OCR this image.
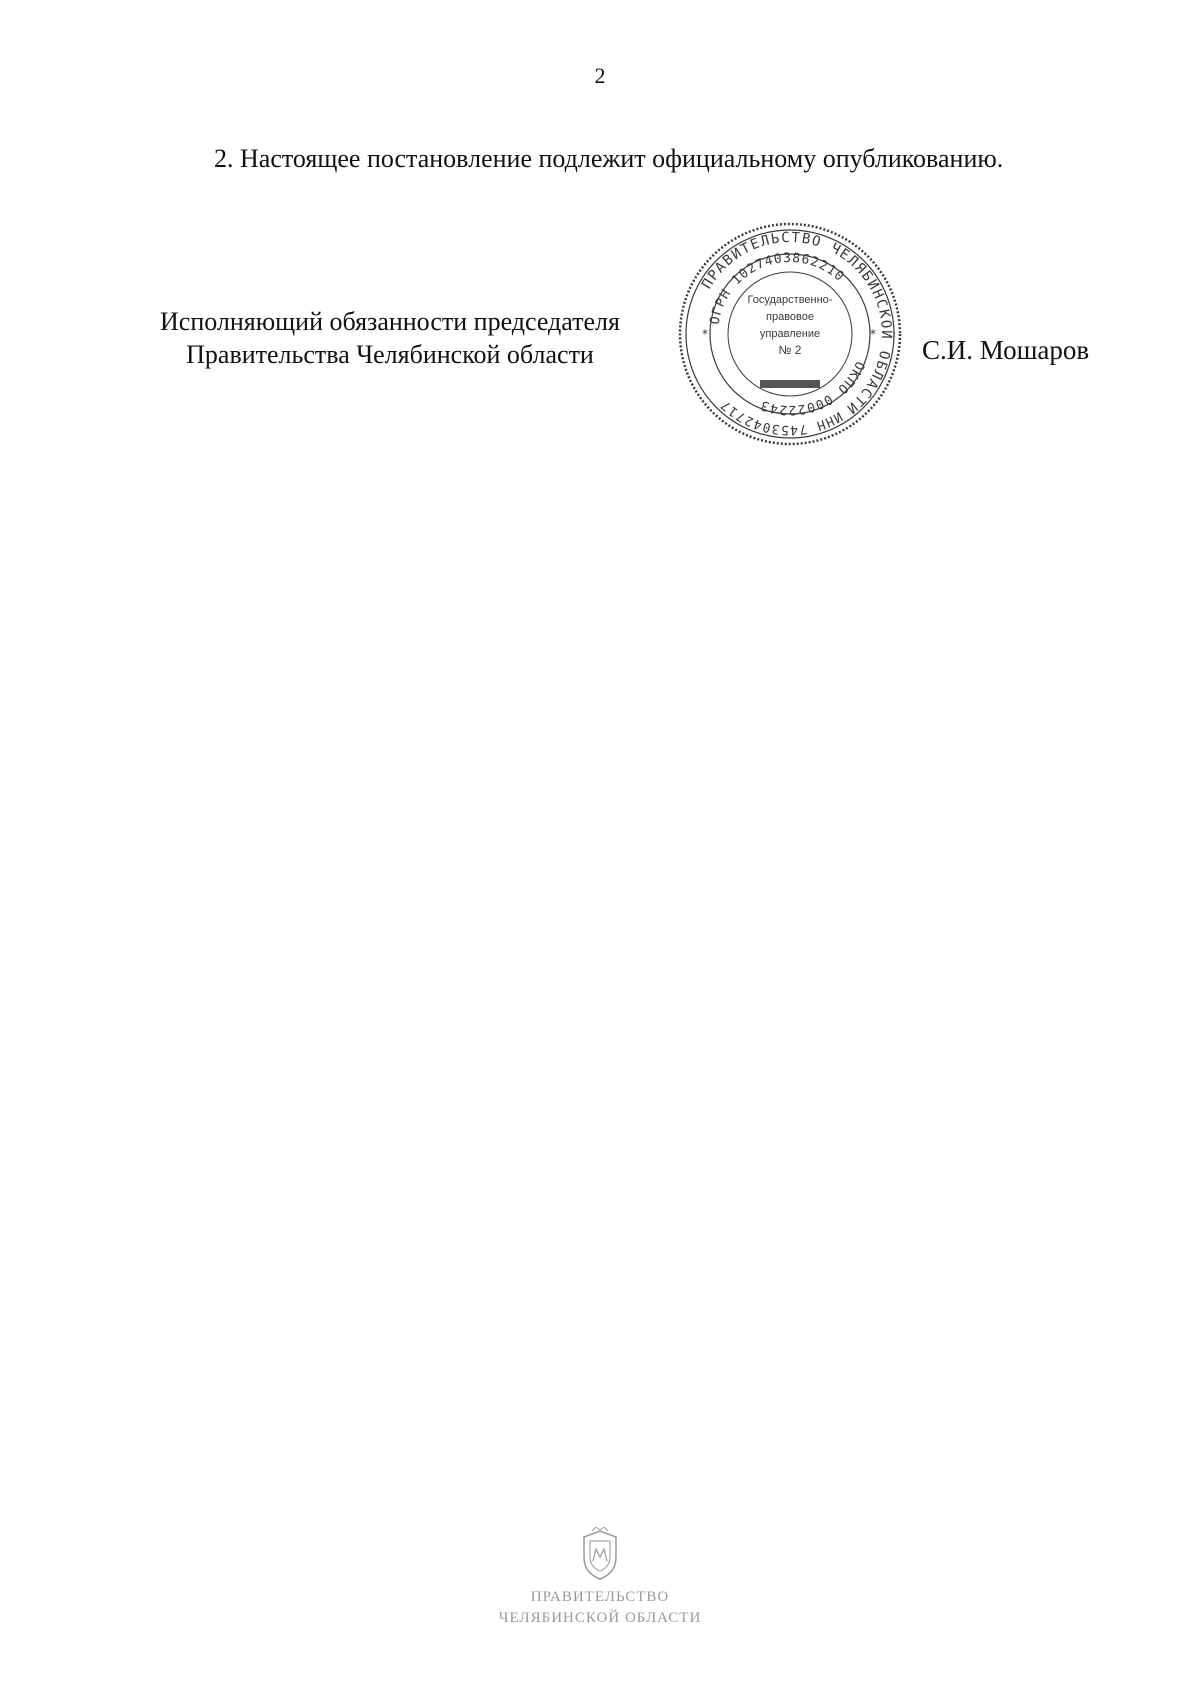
2
2. Настоящее постановление подлежит официальному опубликованию.
Исполняющий обязанности председателя
Правительства Челябинской области
ПРАВИТЕЛЬСТВО ЧЕЛЯБИНСКОЙ ОБЛАСТИ
ОГРН 1027403862210
ОКПО 00022243
ИНН 7453042717
Государственно-
правовое
управление
№ 2
*	*
С.И. Мошаров
ПРАВИТЕЛЬСТВО
ЧЕЛЯБИНСКОЙ ОБЛАСТИ
